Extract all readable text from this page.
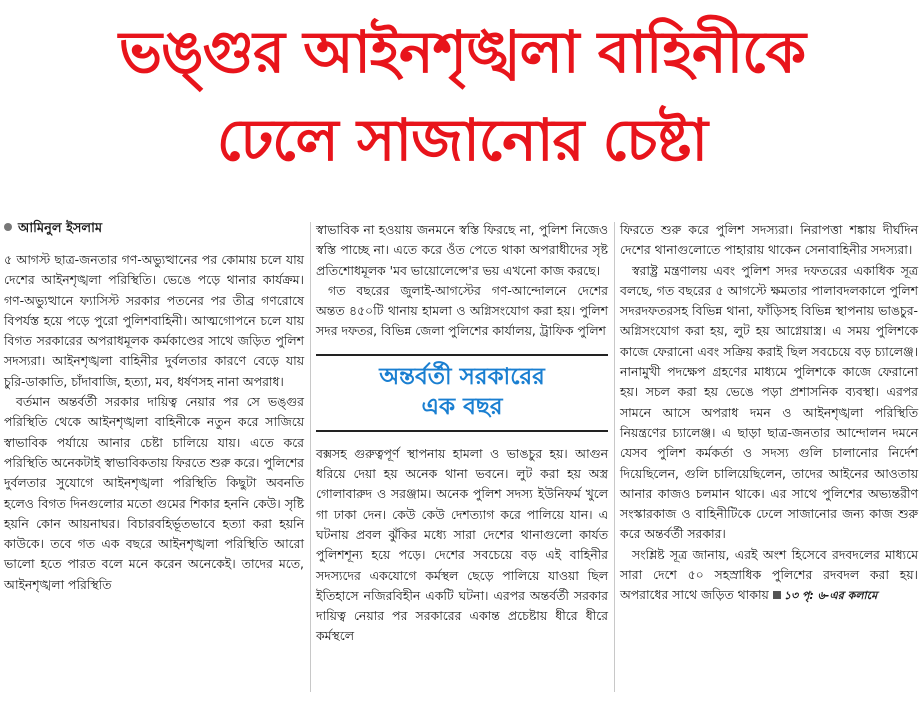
ভঙ্গুর আইনশৃঙ্খলা বাহিনীকে
ঢেলে সাজানোর চেষ্টা
আমিনুল ইসলাম

৫ আগস্ট ছাত্র-জনতার গণ-অভ্যুত্থানের পর কোমায় চলে যায় দেশের আইনশৃঙ্খলা পরিস্থিতি। ভেঙে পড়ে থানার কার্যক্রম। গণ-অভ্যুত্থানে ফ্যাসিস্ট সরকার পতনের পর তীব্র গণরোষে বিপর্যস্ত হয়ে পড়ে পুরো পুলিশবাহিনী। আত্মগোপনে চলে যায় বিগত সরকারের অপরাধমূলক কর্মকাণ্ডের সাথে জড়িত পুলিশ সদস্যরা। আইনশৃঙ্খলা বাহিনীর দুর্বলতার কারণে বেড়ে যায় চুরি-ডাকাতি, চাঁদাবাজি, হত্যা, মব, ধর্ষণসহ নানা অপরাধ।

বর্তমান অন্তর্বর্তী সরকার দায়িত্ব নেয়ার পর সে ভঙ্গুর পরিস্থিতি থেকে আইনশৃঙ্খলা বাহিনীকে নতুন করে সাজিয়ে স্বাভাবিক পর্যায়ে আনার চেষ্টা চালিয়ে যায়। এতে করে পরিস্থিতি অনেকটাই স্বাভাবিকতায় ফিরতে শুরু করে। পুলিশের দুর্বলতার সুযোগে আইনশৃঙ্খলা পরিস্থিতি কিছুটা অবনতি হলেও বিগত দিনগুলোর মতো গুমের শিকার হননি কেউ। সৃষ্টি হয়নি কোন আয়নাঘর। বিচারবহির্ভূতভাবে হত্যা করা হয়নি কাউকে। তবে গত এক বছরে আইনশৃঙ্খলা পরিস্থিতি আরো ভালো হতে পারত বলে মনে করেন অনেকেই। তাদের মতে, আইনশৃঙ্খলা পরিস্থিতি

স্বাভাবিক না হওয়ায় জনমনে স্বস্তি ফিরছে না, পুলিশ নিজেও স্বস্তি পাচ্ছে না। এতে করে ওঁত পেতে থাকা অপরাধীদের সৃষ্ট প্রতিশোধমূলক 'মব ভায়োলেন্সে'র ভয় এখনো কাজ করছে।

গত বছরের জুলাই-আগস্টের গণ-আন্দোলনে দেশের অন্তত ৪৫০টি থানায় হামলা ও অগ্নিসংযোগ করা হয়। পুলিশ সদর দফতর, বিভিন্ন জেলা পুলিশের কার্যালয়, ট্রাফিক পুলিশ

অন্তর্বর্তী সরকারের
এক বছর

বক্সসহ গুরুত্বপূর্ণ স্থাপনায় হামলা ও ভাঙচুর হয়। আগুন ধরিয়ে দেয়া হয় অনেক থানা ভবনে। লুট করা হয় অস্ত্র গোলাবারুদ ও সরঞ্জাম। অনেক পুলিশ সদস্য ইউনিফর্ম খুলে গা ঢাকা দেন। কেউ কেউ দেশত্যাগ করে পালিয়ে যান। এ ঘটনায় প্রবল ঝুঁকির মধ্যে সারা দেশের থানাগুলো কার্যত পুলিশশূন্য হয়ে পড়ে। দেশের সবচেয়ে বড় এই বাহিনীর সদস্যদের একযোগে কর্মস্থল ছেড়ে পালিয়ে যাওয়া ছিল ইতিহাসে নজিরবিহীন একটি ঘটনা। এরপর অন্তর্বর্তী সরকার দায়িত্ব নেয়ার পর সরকারের একান্ত প্রচেষ্টায় ধীরে ধীরে কর্মস্থলে

ফিরতে শুরু করে পুলিশ সদস্যরা। নিরাপত্তা শঙ্কায় দীর্ঘদিন দেশের থানাগুলোতে পাহারায় থাকেন সেনাবাহিনীর সদস্যরা।

স্বরাষ্ট্র মন্ত্রণালয় এবং পুলিশ সদর দফতরের একাধিক সূত্র বলছে, গত বছরের ৫ আগস্টে ক্ষমতার পালাবদলকালে পুলিশ সদরদফতরসহ বিভিন্ন থানা, ফাঁড়িসহ বিভিন্ন স্থাপনায় ভাঙচুর-অগ্নিসংযোগ করা হয়, লুট হয় আগ্নেয়াস্ত্র। এ সময় পুলিশকে কাজে ফেরানো এবং সক্রিয় করাই ছিল সবচেয়ে বড় চ্যালেঞ্জ। নানামুখী পদক্ষেপ গ্রহণের মাধ্যমে পুলিশকে কাজে ফেরানো হয়। সচল করা হয় ভেঙে পড়া প্রশাসনিক ব্যবস্থা। এরপর সামনে আসে অপরাধ দমন ও আইনশৃঙ্খলা পরিস্থিতি নিয়ন্ত্রণের চ্যালেঞ্জ। এ ছাড়া ছাত্র-জনতার আন্দোলন দমনে যেসব পুলিশ কর্মকর্তা ও সদস্য গুলি চালানোর নির্দেশ দিয়েছিলেন, গুলি চালিয়েছিলেন, তাদের আইনের আওতায় আনার কাজও চলমান থাকে। এর সাথে পুলিশের অভ্যন্তরীণ সংস্কারকাজ ও বাহিনীটিকে ঢেলে সাজানোর জন্য কাজ শুরু করে অন্তর্বর্তী সরকার।

সংশ্লিষ্ট সূত্র জানায়, এরই অংশ হিসেবে রদবদলের মাধ্যমে সারা দেশে ৫০ সহস্রাধিক পুলিশের রদবদল করা হয়। অপরাধের সাথে জড়িত থাকায় ১৩ পৃ: ৬-এর কলামে
